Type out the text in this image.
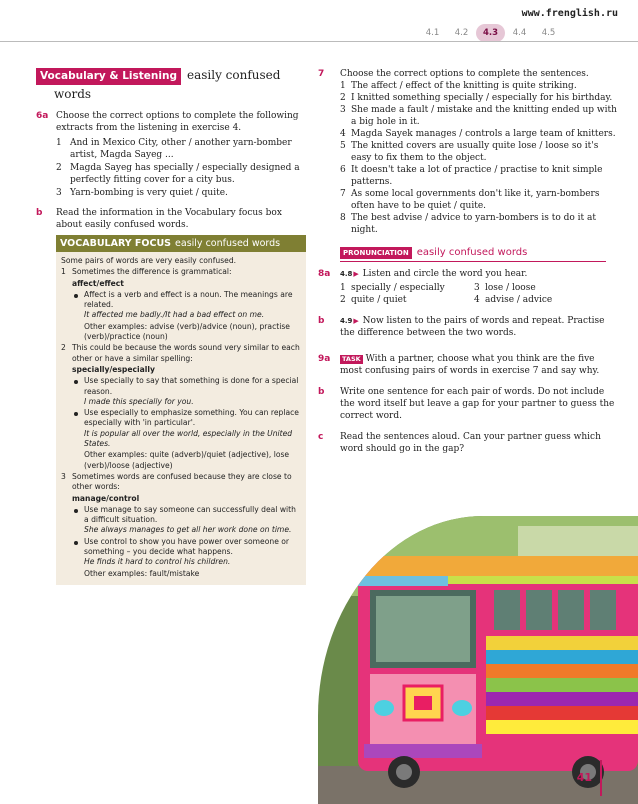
www.frenglish.ru
4.1	4.2	4.3	4.4	4.5
Vocabulary & Listening easily confused
words
6a Choose the correct options to complete the following extracts from the listening in exercise 4.
1 And in Mexico City, other / another yarn-bomber artist, Magda Sayeg ...
2 Magda Sayeg has specially / especially designed a perfectly fitting cover for a city bus.
3 Yarn-bombing is very quiet / quite.
b Read the information in the Vocabulary focus box about easily confused words.
VOCABULARY FOCUS easily confused words
Some pairs of words are very easily confused.
1 Sometimes the difference is grammatical:
affect/effect
Affect is a verb and effect is a noun. The meanings are related.
It affected me badly./It had a bad effect on me.
Other examples: advise (verb)/advice (noun), practise (verb)/practice (noun)
2 This could be because the words sound very similar to each other or have a similar spelling:
specially/especially
Use specially to say that something is done for a special reason.
I made this specially for you.
Use especially to emphasize something. You can replace especially with 'in particular'.
It is popular all over the world, especially in the United States.
Other examples: quite (adverb)/quiet (adjective), lose (verb)/loose (adjective)
3 Sometimes words are confused because they are close to other words:
manage/control
Use manage to say someone can successfully deal with a difficult situation.
She always manages to get all her work done on time.
Use control to show you have power over someone or something – you decide what happens.
He finds it hard to control his children.
Other examples: fault/mistake
7 Choose the correct options to complete the sentences.
1 The affect / effect of the knitting is quite striking.
2 I knitted something specially / especially for his birthday.
3 She made a fault / mistake and the knitting ended up with a big hole in it.
4 Magda Sayek manages / controls a large team of knitters.
5 The knitted covers are usually quite lose / loose so it's easy to fix them to the object.
6 It doesn't take a lot of practice / practise to knit simple patterns.
7 As some local governments don't like it, yarn-bombers often have to be quiet / quite.
8 The best advise / advice to yarn-bombers is to do it at night.
PRONUNCIATION easily confused words
8a 4.8▶ Listen and circle the word you hear.
1 specially / especially	3 lose / loose
2 quite / quiet	4 advise / advice
b 4.9▶ Now listen to the pairs of words and repeat. Practise the difference between the two words.
9a	TASK With a partner, choose what you think are the five most confusing pairs of words in exercise 7 and say why.
b Write one sentence for each pair of words. Do not include the word itself but leave a gap for your partner to guess the correct word.
c Read the sentences aloud. Can your partner guess which word should go in the gap?
41
